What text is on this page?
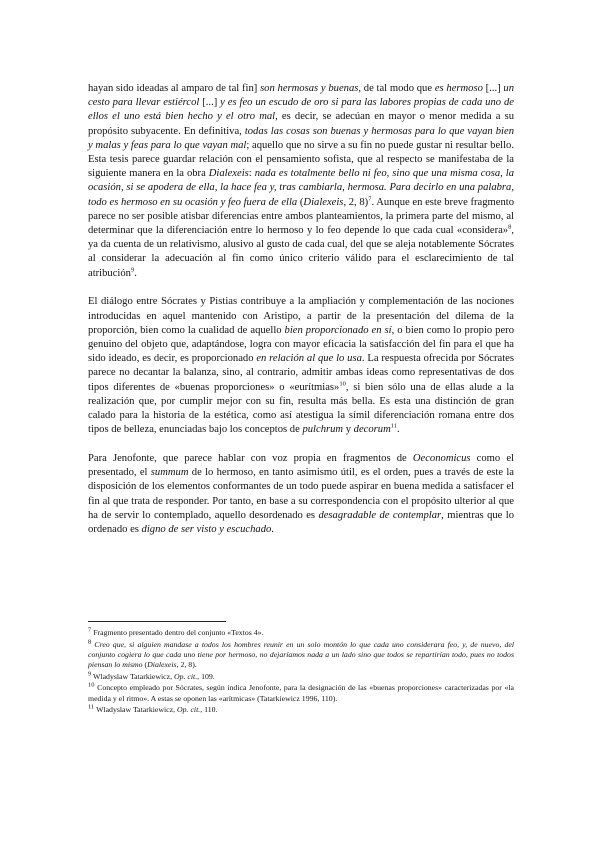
hayan sido ideadas al amparo de tal fin] son hermosas y buenas, de tal modo que es hermoso [...] un cesto para llevar estiércol [...] y es feo un escudo de oro si para las labores propias de cada uno de ellos el uno está bien hecho y el otro mal, es decir, se adecúan en mayor o menor medida a su propósito subyacente. En definitiva, todas las cosas son buenas y hermosas para lo que vayan bien y malas y feas para lo que vayan mal; aquello que no sirve a su fin no puede gustar ni resultar bello. Esta tesis parece guardar relación con el pensamiento sofista, que al respecto se manifestaba de la siguiente manera en la obra Dialexeis: nada es totalmente bello ni feo, sino que una misma cosa, la ocasión, si se apodera de ella, la hace fea y, tras cambiarla, hermosa. Para decirlo en una palabra, todo es hermoso en su ocasión y feo fuera de ella (Dialexeis, 2, 8)$^7$. Aunque en este breve fragmento parece no ser posible atisbar diferencias entre ambos planteamientos, la primera parte del mismo, al determinar que la diferenciación entre lo hermoso y lo feo depende lo que cada cual «considera»$^8$, ya da cuenta de un relativismo, alusivo al gusto de cada cual, del que se aleja notablemente Sócrates al considerar la adecuación al fin como único criterio válido para el esclarecimiento de tal atribución$^9$.

El diálogo entre Sócrates y Pistias contribuye a la ampliación y complementación de las nociones introducidas en aquel mantenido con Aristipo, a partir de la presentación del dilema de la proporción, bien como la cualidad de aquello bien proporcionado en sí, o bien como lo propio pero genuino del objeto que, adaptándose, logra con mayor eficacia la satisfacción del fin para el que ha sido ideado, es decir, es proporcionado en relación al que lo usa. La respuesta ofrecida por Sócrates parece no decantar la balanza, sino, al contrario, admitir ambas ideas como representativas de dos tipos diferentes de «buenas proporciones» o «eurítmias»$^{10}$, si bien sólo una de ellas alude a la realización que, por cumplir mejor con su fin, resulta más bella. Es esta una distinción de gran calado para la historia de la estética, como así atestigua la símil diferenciación romana entre dos tipos de belleza, enunciadas bajo los conceptos de pulchrum y decorum$^{11}$.

Para Jenofonte, que parece hablar con voz propia en fragmentos de Oeconomicus como el presentado, el summum de lo hermoso, en tanto asimismo útil, es el orden, pues a través de este la disposición de los elementos conformantes de un todo puede aspirar en buena medida a satisfacer el fin al que trata de responder. Por tanto, en base a su correspondencia con el propósito ulterior al que ha de servir lo contemplado, aquello desordenado es desagradable de contemplar, mientras que lo ordenado es digno de ser visto y escuchado.

$^7$ Fragmento presentado dentro del conjunto «Textos 4».

$^8$ Creo que, si alguien mandase a todos los hombres reunir en un solo montón lo que cada uno considerara feo, y, de nuevo, del conjunto cogiera lo que cada uno tiene por hermoso, no dejaríamos nada a un lado sino que todos se repartirían todo, pues no todos piensan lo mismo (Dialexeis, 2, 8).

$^9$ Wladyslaw Tatarkiewicz, Op. cit., 109.

$^{10}$ Concepto empleado por Sócrates, según indica Jenofonte, para la designación de las «buenas proporciones» caracterizadas por «la medida y el ritmo». A estas se oponen las «arítmicas» (Tatarkiewicz 1996, 110).

$^{11}$ Wladyslaw Tatarkiewicz, Op. cit., 110.
